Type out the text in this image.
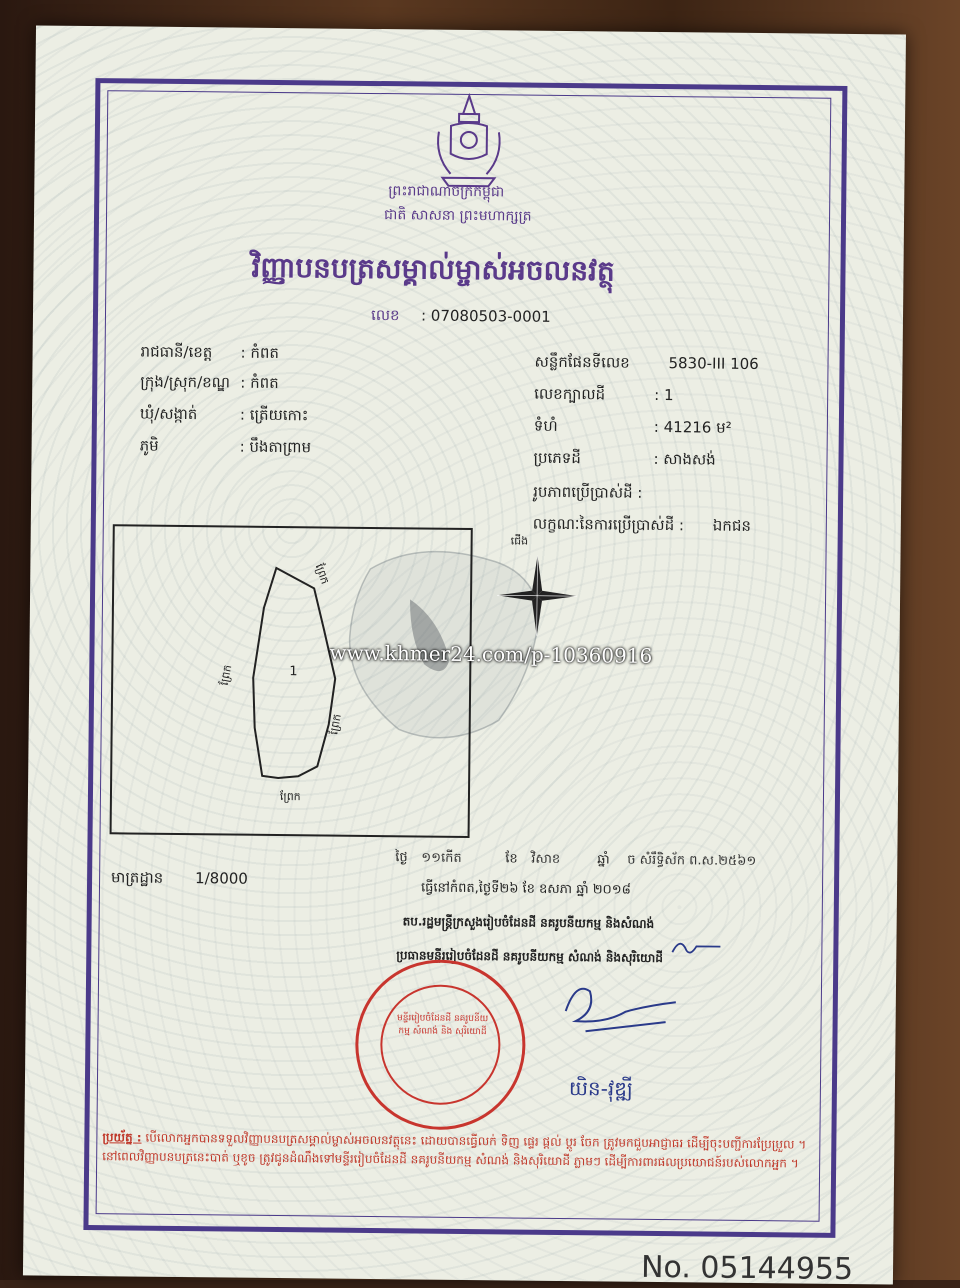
ព្រះរាជាណាចក្រកម្ពុជា
ជាតិ សាសនា ព្រះមហាក្សត្រ
វិញ្ញាបនបត្រសម្គាល់ម្ចាស់អចលនវត្ថុ
លេខ : 07080503-0001
រាជធានី/ខេត្ត : កំពត
ក្រុង/ស្រុក/ខណ្ឌ : កំពត
ឃុំ/សង្កាត់	: ត្រើយកោះ
ភូមិ	: បឹងតាព្រាម
សន្លឹកផែនទីលេខ	5830-III 106
លេខក្បាលដី	: 1
ទំហំ	: 41216 ម²
ប្រភេទដី	: សាងសង់
រូបភាពប្រើប្រាស់ដី :
លក្ខណៈនៃការប្រើប្រាស់ដី : ឯកជន
ជើង
1
ព្រែក
ព្រែក
ព្រែក
ព្រែក
www.khmer24.com/p-10360916
មាត្រដ្ឋាន 1/8000
ថ្ងៃ ១១កើត	ខែ វិសាខ	ឆ្នាំ ច សំរឹទ្ធិស័ក ព.ស.២៥៦១
ធ្វើនៅកំពត,ថ្ងៃទី២៦ ខែ ឧសភា ឆ្នាំ ២០១៨
តប.រដ្ឋមន្ត្រីក្រសួងរៀបចំដែនដី នគរូបនីយកម្ម និងសំណង់
ប្រធានមន្ទីររៀបចំដែនដី នគរូបនីយកម្ម សំណង់ និងសុរិយោដី
មន្ទីររៀបចំដែនដី នគរូបនីយកម្ម សំណង់ និង សុរិយោដី
យិន-វុឌ្ឍី
ប្រយ័ត្ន : បើលោកអ្នកបានទទួលវិញ្ញាបនបត្រសម្គាល់ម្ចាស់អចលនវត្ថុនេះ ដោយបានធ្វើលក់ ទិញ ផ្ទេរ ផ្តល់ ប្តូរ ចែក ត្រូវមកជួបអាជ្ញាធរ ដើម្បីចុះបញ្ជីការប្រែប្រួល ។ នៅពេលវិញ្ញាបនបត្រនេះបាត់ ឬខូច ត្រូវជូនដំណឹងទៅមន្ទីររៀបចំដែនដី នគរូបនីយកម្ម សំណង់ និងសុរិយោដី ភ្លាមៗ ដើម្បីការពារផលប្រយោជន៍របស់លោកអ្នក ។
No. 05144955
